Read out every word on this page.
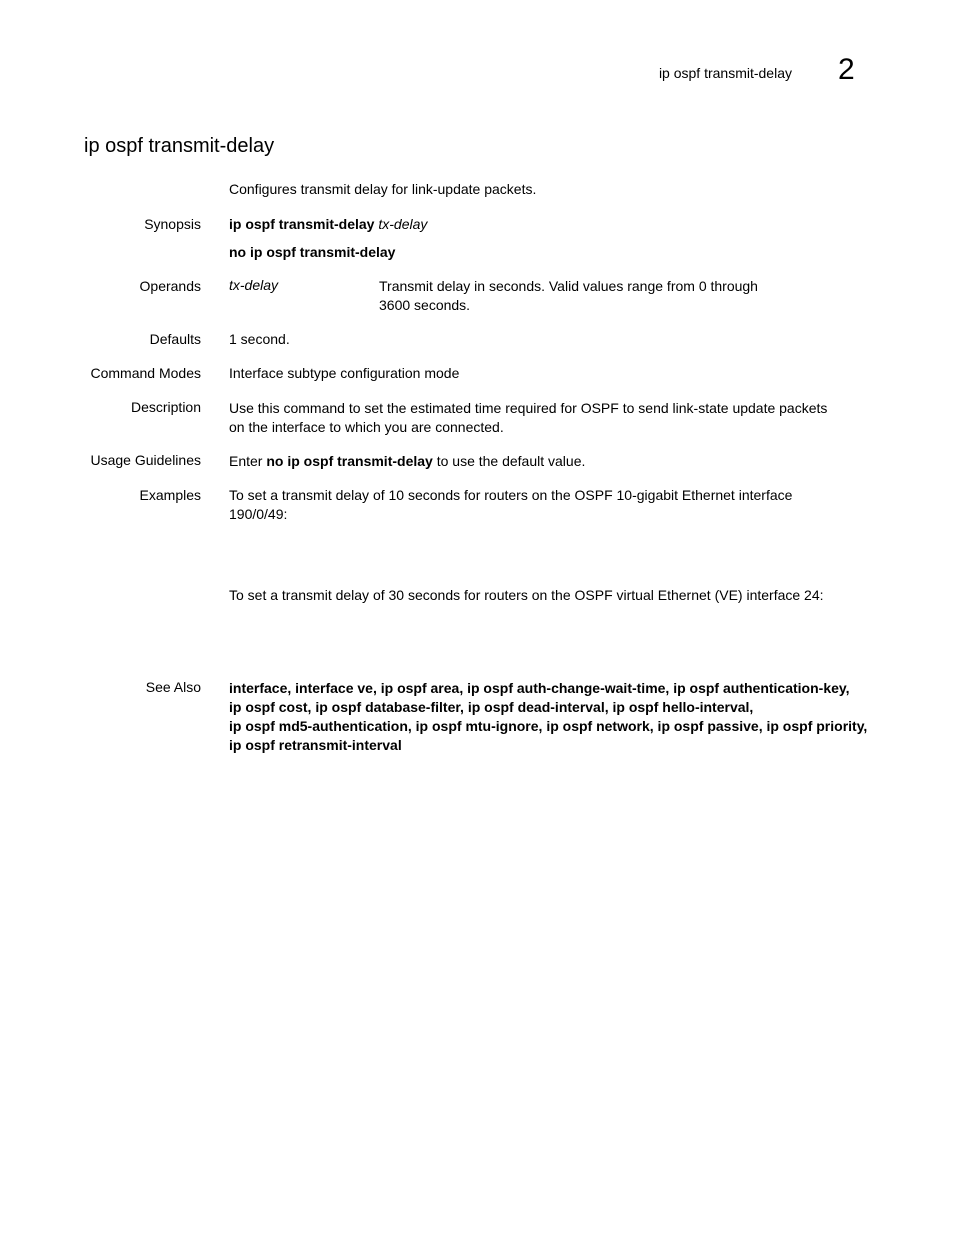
ip ospf transmit-delay 2
ip ospf transmit-delay
Configures transmit delay for link-update packets.
Synopsis ip ospf transmit-delay tx-delay
no ip ospf transmit-delay
Operands tx-delay	Transmit delay in seconds. Valid values range from 0 through
3600 seconds.
Defaults 1 second.
Command Modes Interface subtype configuration mode
Description Use this command to set the estimated time required for OSPF to send link-state update packets
on the interface to which you are connected.
Usage Guidelines Enter no ip ospf transmit-delay to use the default value.
Examples To set a transmit delay of 10 seconds for routers on the OSPF 10-gigabit Ethernet interface
190/0/49:
To set a transmit delay of 30 seconds for routers on the OSPF virtual Ethernet (VE) interface 24:
See Also interface, interface ve, ip ospf area, ip ospf auth-change-wait-time, ip ospf authentication-key,
ip ospf cost, ip ospf database-filter, ip ospf dead-interval, ip ospf hello-interval,
ip ospf md5-authentication, ip ospf mtu-ignore, ip ospf network, ip ospf passive, ip ospf priority,
ip ospf retransmit-interval
